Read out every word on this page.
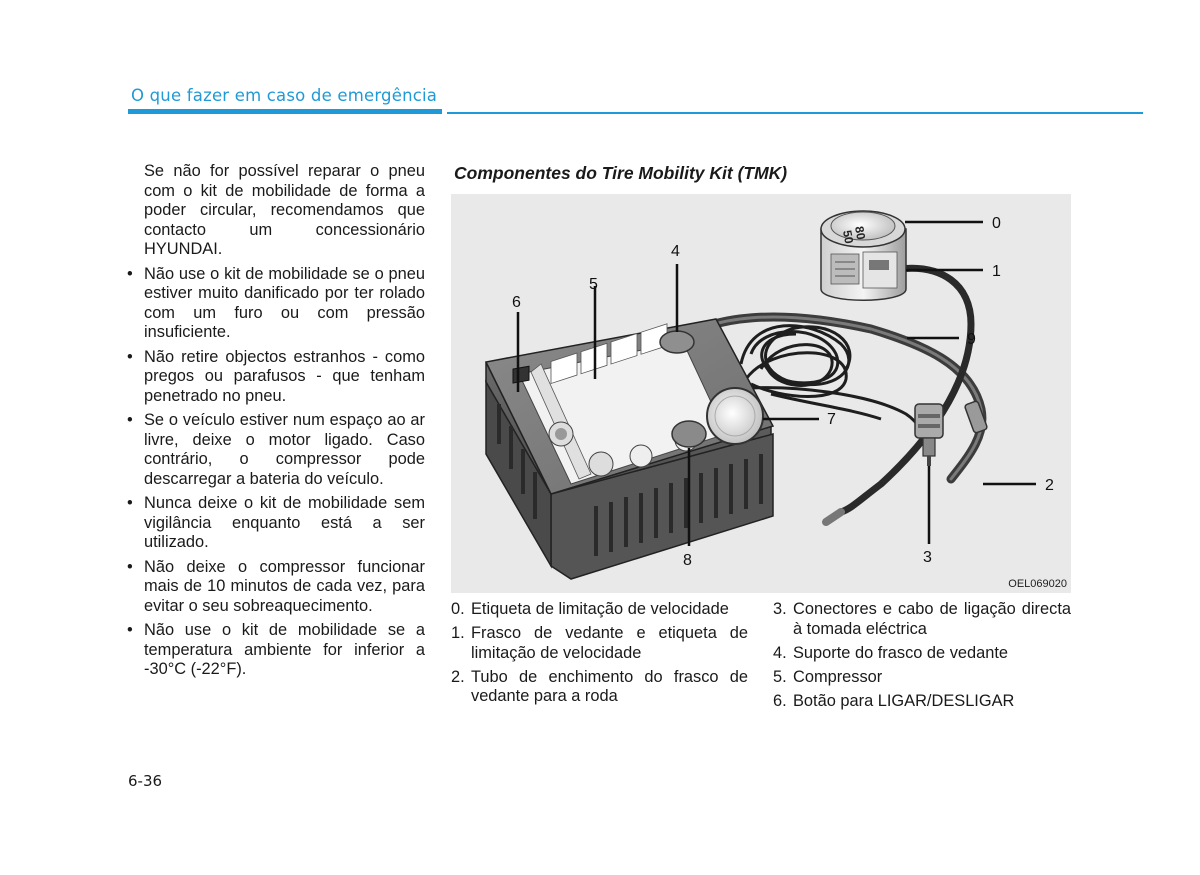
O que fazer em caso de emergência

Se não for possível reparar o pneu com o kit de mobilidade de forma a poder circular, recomendamos que contacto um concessionário HYUNDAI.

• Não use o kit de mobilidade se o pneu estiver muito danificado por ter rolado com um furo ou com pressão insuficiente.
• Não retire objectos estranhos - como pregos ou parafusos - que tenham penetrado no pneu.
• Se o veículo estiver num espaço ao ar livre, deixe o motor ligado. Caso contrário, o compressor pode descarregar a bateria do veículo.
• Nunca deixe o kit de mobilidade sem vigilância enquanto está a ser utilizado.
• Não deixe o compressor funcionar mais de 10 minutos de cada vez, para evitar o seu sobreaquecimento.
• Não use o kit de mobilidade se a temperatura ambiente for inferior a -30°C (-22°F).
Componentes do Tire Mobility Kit (TMK)
80
50
0
1
2
3
4
5
6
7
8
9
OEL069020
0. Etiqueta de limitação de velocidade
1. Frasco de vedante e etiqueta de limitação de velocidade
2. Tubo de enchimento do frasco de vedante para a roda
3. Conectores e cabo de ligação directa à tomada eléctrica
4. Suporte do frasco de vedante
5. Compressor
6. Botão para LIGAR/DESLIGAR
6-36
